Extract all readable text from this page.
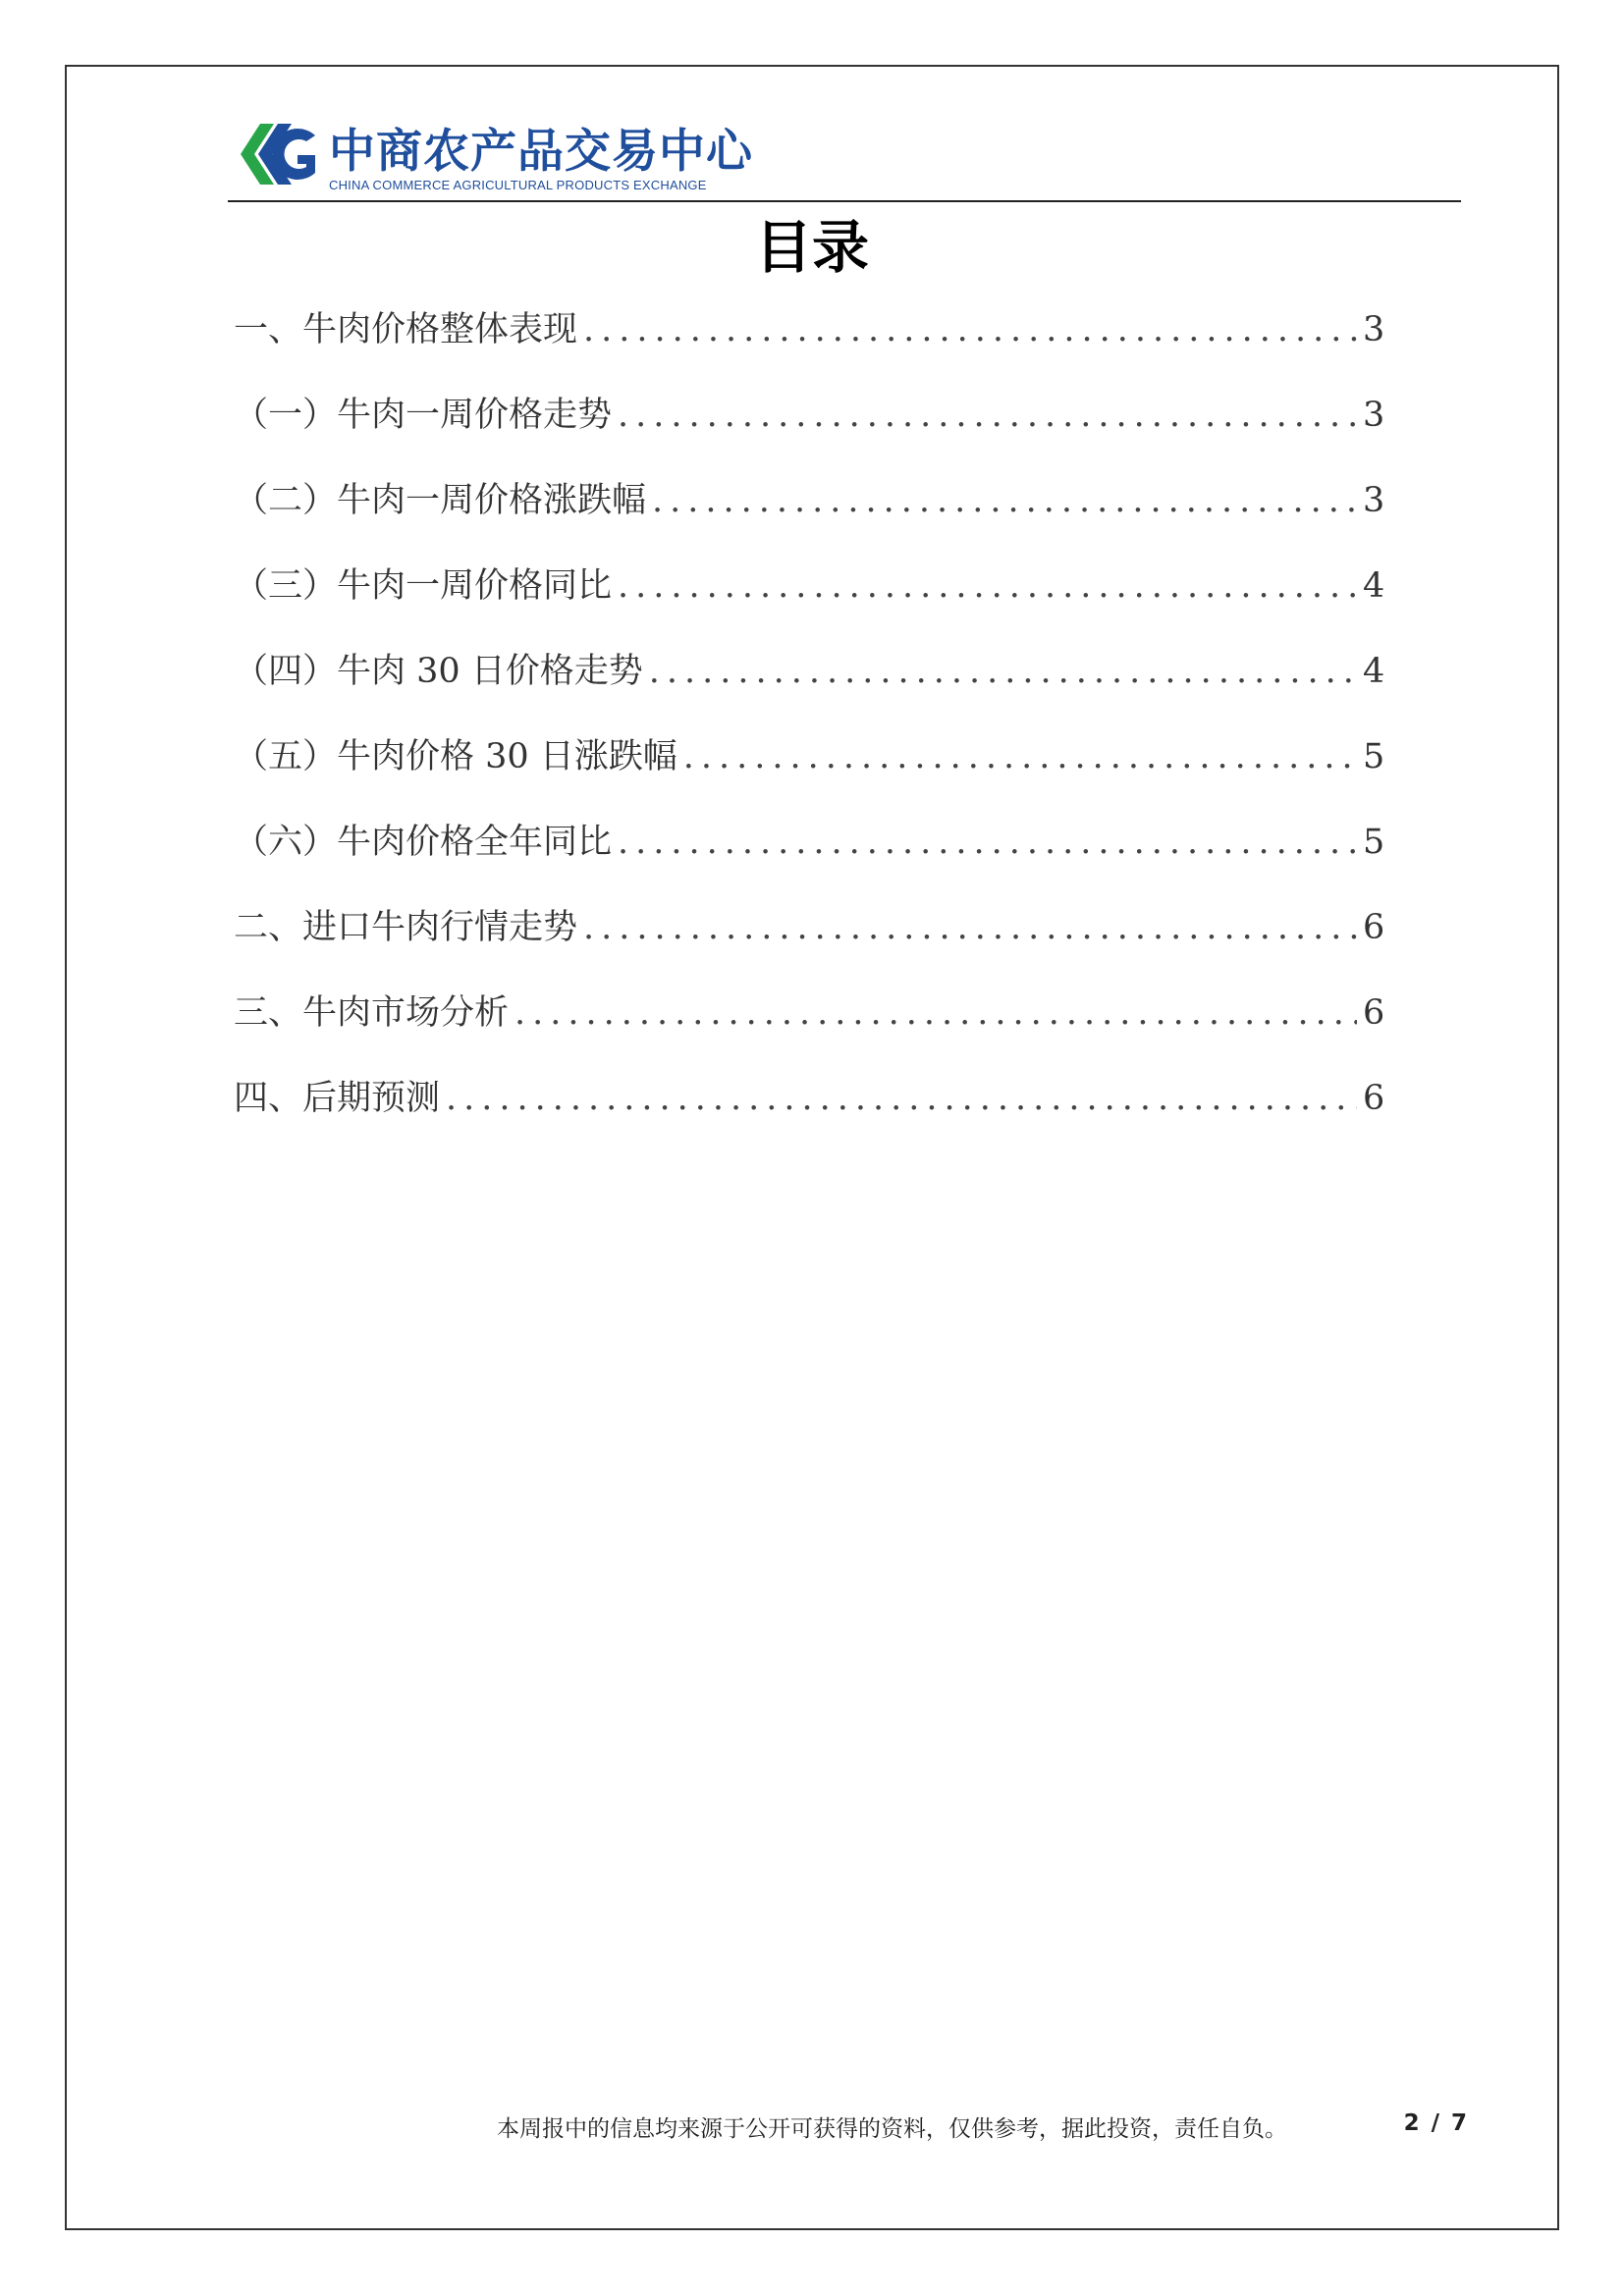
中商农产品交易中心
CHINA COMMERCE AGRICULTURAL PRODUCTS EXCHANGE
目录
一、牛肉价格整体表现 .....	3
（一）牛肉一周价格走势 .....	3
（二）牛肉一周价格涨跌幅 .....	3
（三）牛肉一周价格同比 .....	4
（四）牛肉 30 日价格走势 .....	4
（五）牛肉价格 30 日涨跌幅 .....	5
（六）牛肉价格全年同比 .....	5
二、进口牛肉行情走势 .....	6
三、牛肉市场分析 .....	6
四、后期预测 .....	6
本周报中的信息均来源于公开可获得的资料，仅供参考，据此投资，责任自负。	2 / 7
